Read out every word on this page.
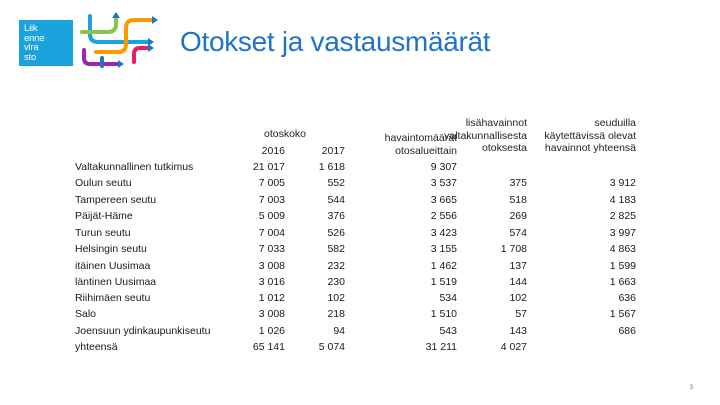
Liik
enne
vira
sto	Otokset ja vastausmäärät
otoskoko
2016	2017
havaintomäärät
otosalueittain
lisähavainnot
valtakunnallisesta
otoksesta
seuduilla
käytettävissä olevat
havainnot yhteensä
Valtakunnallinen tutkimus	21 017	1 618	9 307
Oulun seutu	7 005	552	3 537	375	3 912
Tampereen seutu	7 003	544	3 665	518	4 183
Päijät-Häme	5 009	376	2 556	269	2 825
Turun seutu	7 004	526	3 423	574	3 997
Helsingin seutu	7 033	582	3 155	1 708	4 863
itäinen Uusimaa	3 008	232	1 462	137	1 599
läntinen Uusimaa	3 016	230	1 519	144	1 663
Riihimäen seutu	1 012	102	534	102	636
Salo	3 008	218	1 510	57	1 567
Joensuun ydinkaupunkiseutu	1 026	94	543	143	686
yhteensä	65 141	5 074	31 211	4 027
3
